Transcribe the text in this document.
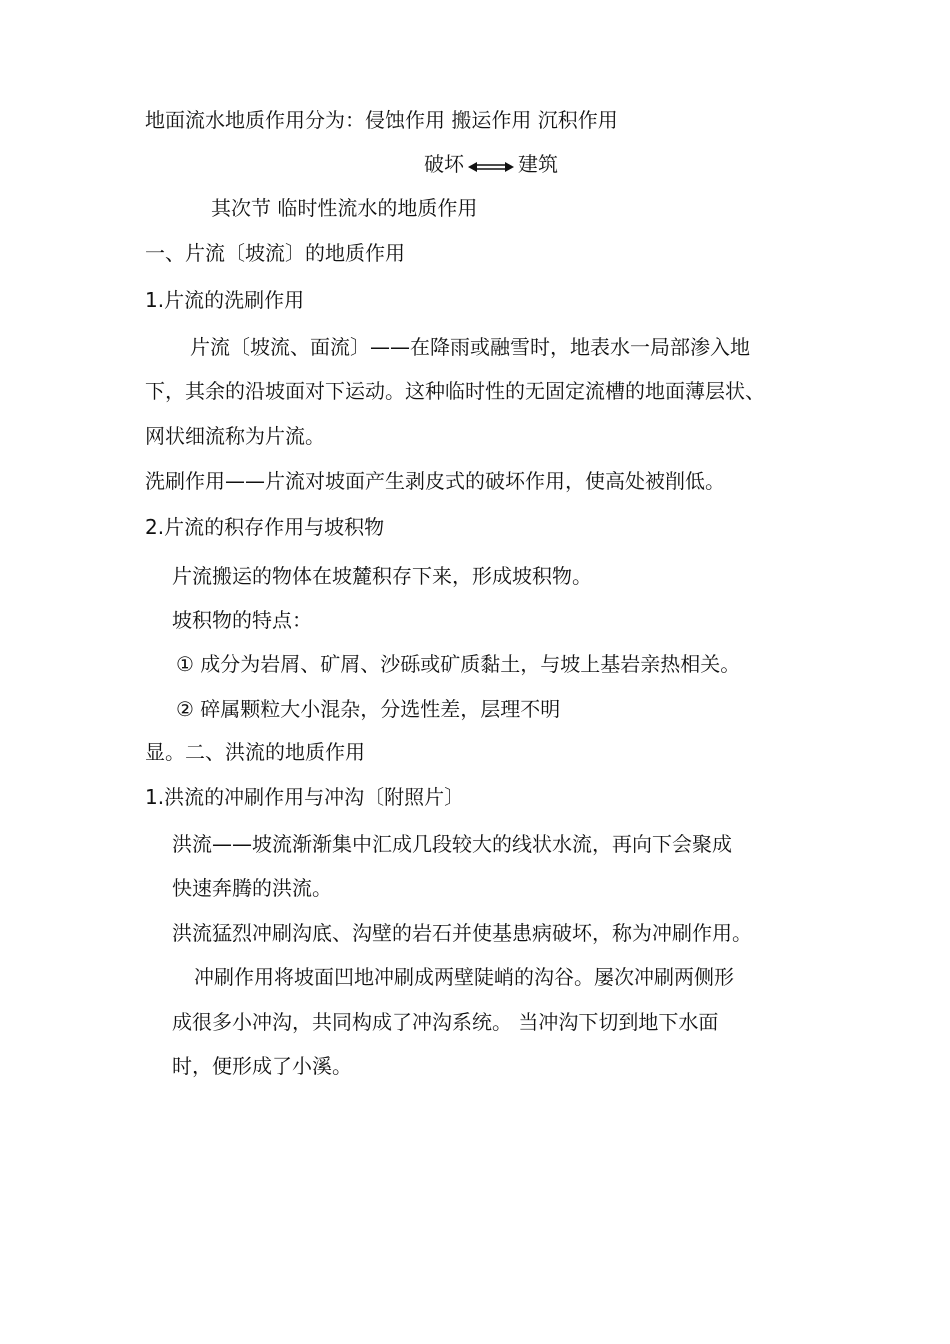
地面流水地质作用分为：侵蚀作用 搬运作用 沉积作用
破坏	建筑
其次节 临时性流水的地质作用
一、片流〔坡流〕的地质作用
1.片流的洗刷作用
片流〔坡流、面流〕——在降雨或融雪时，地表水一局部渗入地
下，其余的沿坡面对下运动。这种临时性的无固定流槽的地面薄层状、
网状细流称为片流。
洗刷作用——片流对坡面产生剥皮式的破坏作用，使高处被削低。
2.片流的积存作用与坡积物
片流搬运的物体在坡麓积存下来，形成坡积物。
坡积物的特点：
① 成分为岩屑、矿屑、沙砾或矿质黏土，与坡上基岩亲热相关。
② 碎属颗粒大小混杂，分选性差，层理不明
显。二、洪流的地质作用
1.洪流的冲刷作用与冲沟〔附照片〕
洪流——坡流渐渐集中汇成几段较大的线状水流，再向下会聚成
快速奔腾的洪流。
洪流猛烈冲刷沟底、沟壁的岩石并使基患病破坏，称为冲刷作用。
冲刷作用将坡面凹地冲刷成两壁陡峭的沟谷。屡次冲刷两侧形
成很多小冲沟，共同构成了冲沟系统。 当冲沟下切到地下水面
时，便形成了小溪。
